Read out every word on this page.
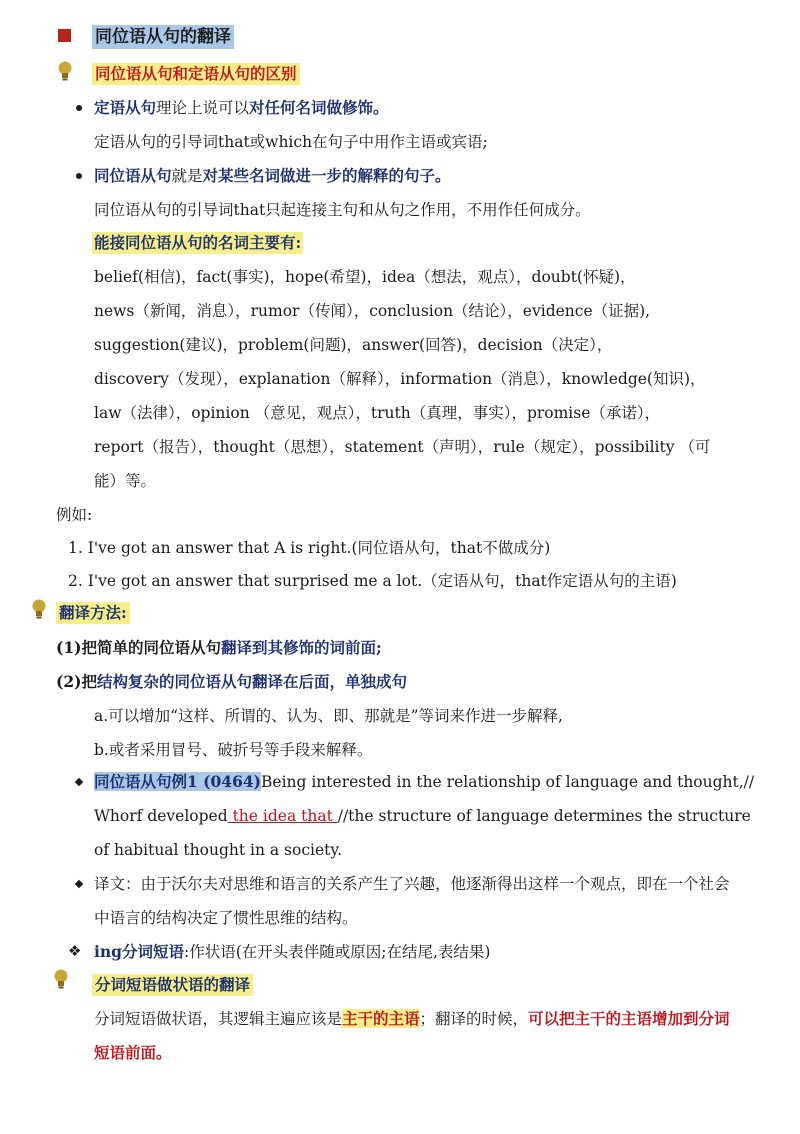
同位语从句的翻译
同位语从句和定语从句的区别
定语从句理论上说可以对任何名词做修饰。
定语从句的引导词that或which在句子中用作主语或宾语;
同位语从句就是对某些名词做进一步的解释的句子。
同位语从句的引导词that只起连接主句和从句之作用，不用作任何成分。
能接同位语从句的名词主要有:
belief(相信)，fact(事实)，hope(希望)，idea（想法，观点），doubt(怀疑)，
news（新闻，消息），rumor（传闻），conclusion（结论），evidence（证据),
suggestion(建议)，problem(问题)，answer(回答)，decision（决定），
discovery（发现），explanation（解释），information（消息），knowledge(知识)，
law（法律），opinion （意见，观点），truth（真理，事实），promise（承诺），
report（报告），thought（思想），statement（声明），rule（规定），possibility （可
能）等。
例如:
1. I've got an answer that A is right.(同位语从句，that不做成分)
2. I've got an answer that surprised me a lot.（定语从句，that作定语从句的主语)
翻译方法:
(1)把简单的同位语从句翻译到其修饰的词前面;
(2)把结构复杂的同位语从句翻译在后面，单独成句
a.可以增加“这样、所谓的、认为、即、那就是”等词来作进一步解释,
b.或者采用冒号、破折号等手段来解释。
同位语从句例1 (0464)Being interested in the relationship of language and thought,//
Whorf developed the idea that //the structure of language determines the structure
of habitual thought in a society.
译文：由于沃尔夫对思维和语言的关系产生了兴趣，他逐渐得出这样一个观点，即在一个社会
中语言的结构决定了惯性思维的结构。
❖ ing分词短语:作状语(在开头表伴随或原因;在结尾,表结果)
分词短语做状语的翻译
分词短语做状语，其逻辑主遍应该是主干的主语；翻译的时候，可以把主干的主语增加到分词
短语前面。
